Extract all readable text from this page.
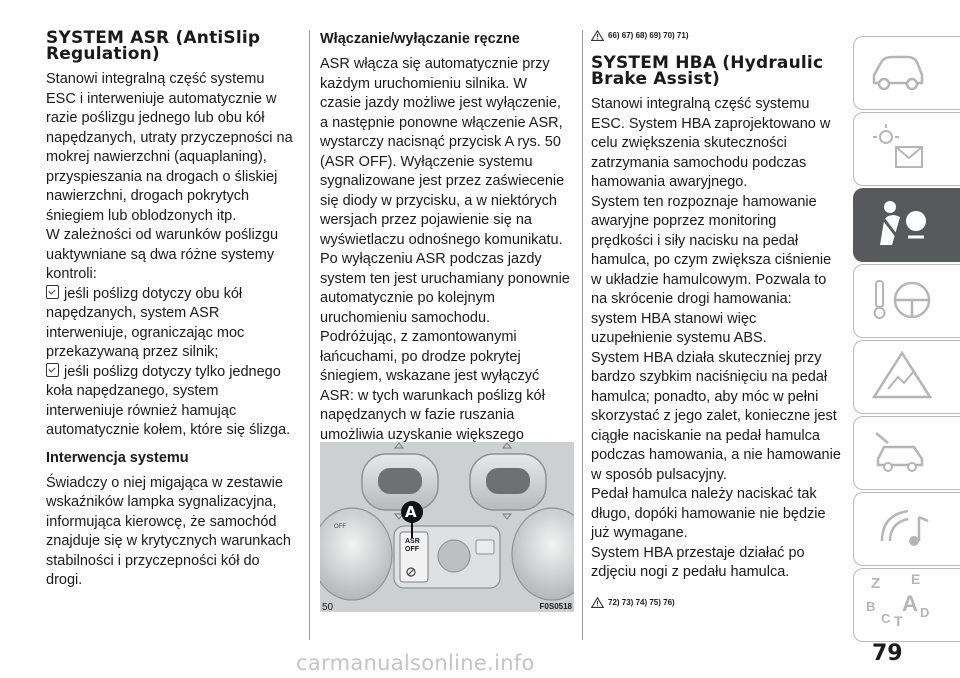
SYSTEM ASR (AntiSlip Regulation)

Stanowi integralną część systemu ESC i interweniuje automatycznie w razie poślizgu jednego lub obu kół napędzanych, utraty przyczepności na mokrej nawierzchni (aquaplaning), przyspieszania na drogach o śliskiej nawierzchni, drogach pokrytych śniegiem lub oblodzonych itp.

W zależności od warunków poślizgu uaktywniane są dwa różne systemy kontroli:

jeśli poślizg dotyczy obu kół napędzanych, system ASR interweniuje, ograniczając moc przekazywaną przez silnik;

jeśli poślizg dotyczy tylko jednego koła napędzanego, system interweniuje również hamując automatycznie kołem, które się ślizga.

Interwencja systemu

Świadczy o niej migająca w zestawie wskaźników lampka sygnalizacyjna, informująca kierowcę, że samochód znajduje się w krytycznych warunkach stabilności i przyczepności kół do drogi.

Włączanie/wyłączanie ręczne

ASR włącza się automatycznie przy każdym uruchomieniu silnika. W czasie jazdy możliwe jest wyłączenie, a następnie ponowne włączenie ASR, wystarczy nacisnąć przycisk A rys. 50 (ASR OFF). Wyłączenie systemu sygnalizowane jest przez zaświecenie się diody w przycisku, a w niektórych wersjach przez pojawienie się na wyświetlaczu odnośnego komunikatu.

Po wyłączeniu ASR podczas jazdy system ten jest uruchamiany ponownie automatycznie po kolejnym uruchomieniu samochodu.

Podróżując, z zamontowanymi łańcuchami, po drodze pokrytej śniegiem, wskazane jest wyłączyć ASR: w tych warunkach poślizg kół napędzanych w fazie ruszania umożliwia uzyskanie większego

A
ASR
OFF
OFF
50	F0S0518
66) 67) 68) 69) 70) 71)
SYSTEM HBA (Hydraulic Brake Assist)

Stanowi integralną część systemu ESC. System HBA zaprojektowano w celu zwiększenia skuteczności zatrzymania samochodu podczas hamowania awaryjnego.

System ten rozpoznaje hamowanie awaryjne poprzez monitoring prędkości i siły nacisku na pedał hamulca, po czym zwiększa ciśnienie w układzie hamulcowym. Pozwala to na skrócenie drogi hamowania: system HBA stanowi więc uzupełnienie systemu ABS.

System HBA działa skuteczniej przy bardzo szybkim naciśnięciu na pedał hamulca; ponadto, aby móc w pełni skorzystać z jego zalet, konieczne jest ciągłe naciskanie na pedał hamulca podczas hamowania, a nie hamowanie w sposób pulsacyjny.

Pedał hamulca należy naciskać tak długo, dopóki hamowanie nie będzie już wymagane.

System HBA przestaje działać po zdjęciu nogi z pedału hamulca.

72) 73) 74) 75) 76)
Z E
B A
C T
D
79
carmanualsonline.info
